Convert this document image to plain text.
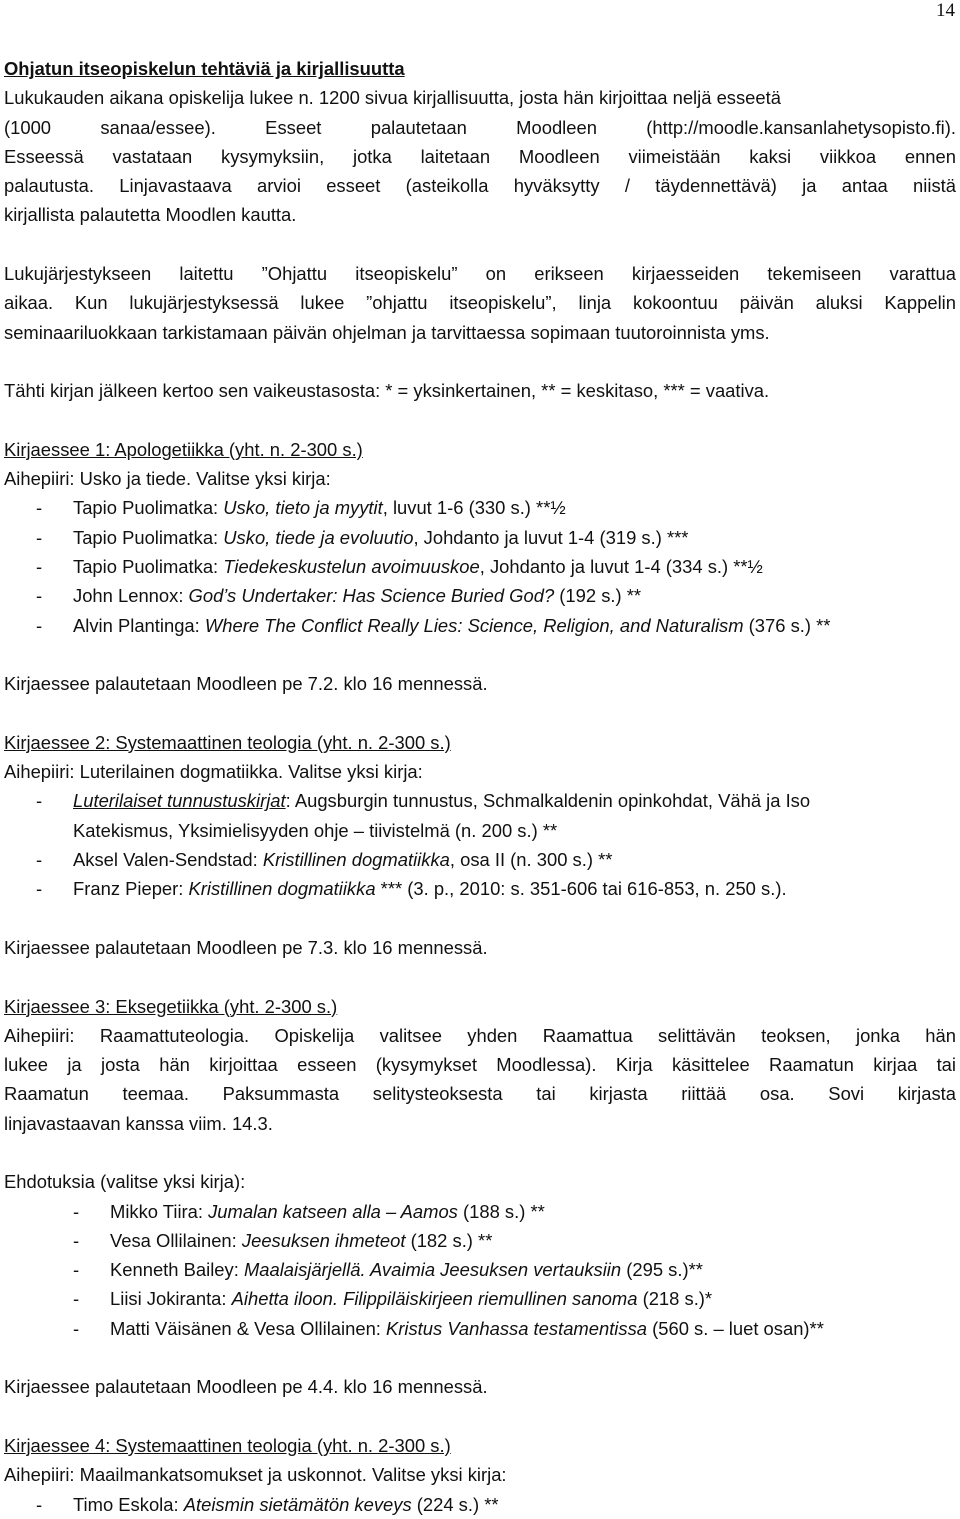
14
Ohjatun itseopiskelun tehtäviä ja kirjallisuutta
Lukukauden aikana opiskelija lukee n. 1200 sivua kirjallisuutta, josta hän kirjoittaa neljä esseetä
(1000 sanaa/essee). Esseet palautetaan Moodleen (http://moodle.kansanlahetysopisto.fi).
Esseessä vastataan kysymyksiin, jotka laitetaan Moodleen viimeistään kaksi viikkoa ennen
palautusta. Linjavastaava arvioi esseet (asteikolla hyväksytty / täydennettävä) ja antaa niistä
kirjallista palautetta Moodlen kautta.
Lukujärjestykseen laitettu ”Ohjattu itseopiskelu” on erikseen kirjaesseiden tekemiseen varattua
aikaa. Kun lukujärjestyksessä lukee ”ohjattu itseopiskelu”, linja kokoontuu päivän aluksi Kappelin
seminaariluokkaan tarkistamaan päivän ohjelman ja tarvittaessa sopimaan tuutoroinnista yms.
Tähti kirjan jälkeen kertoo sen vaikeustasosta: * = yksinkertainen, ** = keskitaso, *** = vaativa.
Kirjaessee 1: Apologetiikka (yht. n. 2-300 s.)
Aihepiiri: Usko ja tiede. Valitse yksi kirja:
- Tapio Puolimatka: Usko, tieto ja myytit, luvut 1-6 (330 s.) **½
- Tapio Puolimatka: Usko, tiede ja evoluutio, Johdanto ja luvut 1-4 (319 s.) ***
- Tapio Puolimatka: Tiedekeskustelun avoimuuskoe, Johdanto ja luvut 1-4 (334 s.) **½
- John Lennox: God’s Undertaker: Has Science Buried God? (192 s.) **
- Alvin Plantinga: Where The Conflict Really Lies: Science, Religion, and Naturalism (376 s.) **
Kirjaessee palautetaan Moodleen pe 7.2. klo 16 mennessä.
Kirjaessee 2: Systemaattinen teologia (yht. n. 2-300 s.)
Aihepiiri: Luterilainen dogmatiikka. Valitse yksi kirja:
- Luterilaiset tunnustuskirjat: Augsburgin tunnustus, Schmalkaldenin opinkohdat, Vähä ja Iso
Katekismus, Yksimielisyyden ohje – tiivistelmä (n. 200 s.) **
- Aksel Valen-Sendstad: Kristillinen dogmatiikka, osa II (n. 300 s.) **
- Franz Pieper: Kristillinen dogmatiikka *** (3. p., 2010: s. 351-606 tai 616-853, n. 250 s.).
Kirjaessee palautetaan Moodleen pe 7.3. klo 16 mennessä.
Kirjaessee 3: Eksegetiikka (yht. 2-300 s.)
Aihepiiri: Raamattuteologia. Opiskelija valitsee yhden Raamattua selittävän teoksen, jonka hän
lukee ja josta hän kirjoittaa esseen (kysymykset Moodlessa). Kirja käsittelee Raamatun kirjaa tai
Raamatun teemaa. Paksummasta selitysteoksesta tai kirjasta riittää osa. Sovi kirjasta
linjavastaavan kanssa viim. 14.3.
Ehdotuksia (valitse yksi kirja):
- Mikko Tiira: Jumalan katseen alla – Aamos (188 s.) **
- Vesa Ollilainen: Jeesuksen ihmeteot (182 s.) **
- Kenneth Bailey: Maalaisjärjellä. Avaimia Jeesuksen vertauksiin (295 s.)**
- Liisi Jokiranta: Aihetta iloon. Filippiläiskirjeen riemullinen sanoma (218 s.)*
- Matti Väisänen & Vesa Ollilainen: Kristus Vanhassa testamentissa (560 s. – luet osan)**
Kirjaessee palautetaan Moodleen pe 4.4. klo 16 mennessä.
Kirjaessee 4: Systemaattinen teologia (yht. n. 2-300 s.)
Aihepiiri: Maailmankatsomukset ja uskonnot. Valitse yksi kirja:
- Timo Eskola: Ateismin sietämätön keveys (224 s.) **
